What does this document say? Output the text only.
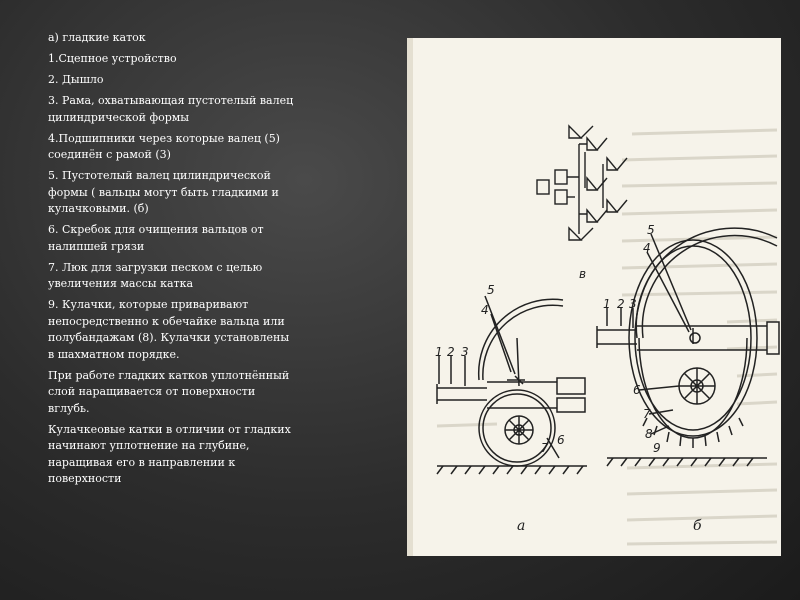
а) гладкие каток

1.Сцепное устройство

2. Дышло

3. Рама, охватывающая пустотелый валец цилиндрической формы

4.Подшипники через которые валец (5) соединён с рамой (3)

5. Пустотелый валец цилиндрической формы ( вальцы могут быть гладкими и кулачковыми. (б)

6. Скребок для очищения вальцов от налипшей грязи

7. Люк для загрузки песком с целью увеличения массы катка

9. Кулачки, которые приваривают непосредственно к обечайке вальца или полубандажам (8). Кулачки установлены в шахматном порядке.

При работе гладких катков уплотнённый слой наращивается от поверхности вглубь.

Кулачкеовые катки в отличии от гладких начинают уплотнение на глубине, наращивая его в направлении к поверхности

в
1 2 3
4
5
6
7
а
1 2 3
4
5
6
7
8
9
б
